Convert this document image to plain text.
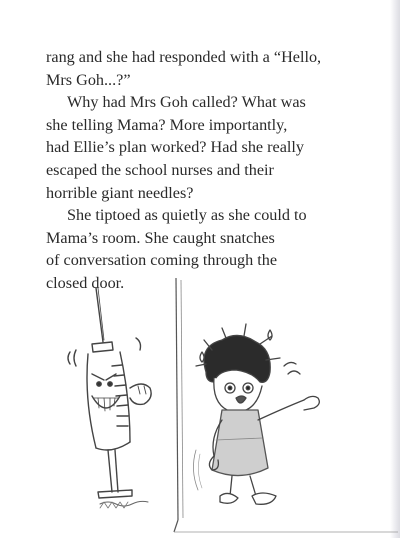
rang and she had responded with a “Hello,
Mrs Goh...?”
Why had Mrs Goh called? What was
she telling Mama? More importantly,
had Ellie’s plan worked? Had she really
escaped the school nurses and their
horrible giant needles?
She tiptoed as quietly as she could to
Mama’s room. She caught snatches
of conversation coming through the
closed door.
